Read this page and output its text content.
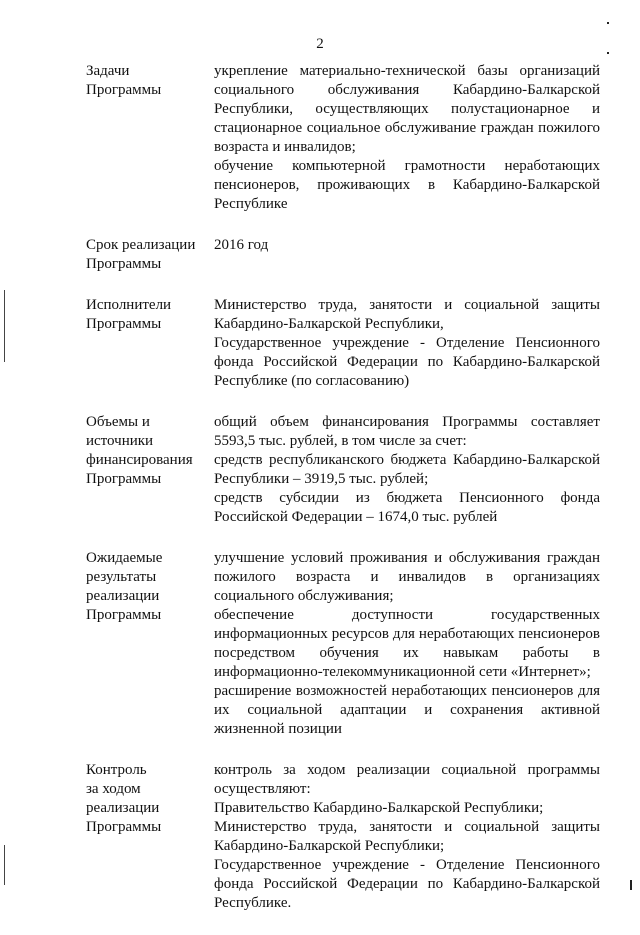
2
Задачи
Программы

укрепление материально-технической базы организаций социального обслуживания Кабардино-Балкарской Республики, осуществляющих полустационарное и стационарное социальное обслуживание граждан пожилого возраста и инвалидов;

обучение компьютерной грамотности неработающих пенсионеров, проживающих в Кабардино-Балкарской Республике

Срок реализации
Программы

2016 год

Исполнители
Программы

Министерство труда, занятости и социальной защиты Кабардино-Балкарской Республики,

Государственное учреждение - Отделение Пенсионного фонда Российской Федерации по Кабардино-Балкарской Республике (по согласованию)

Объемы и
источники
финансирования
Программы

общий объем финансирования Программы составляет 5593,5 тыс. рублей, в том числе за счет:

средств республиканского бюджета Кабардино-Балкарской Республики – 3919,5 тыс. рублей;

средств субсидии из бюджета Пенсионного фонда Российской Федерации – 1674,0 тыс. рублей

Ожидаемые
результаты
реализации
Программы

улучшение условий проживания и обслуживания граждан пожилого возраста и инвалидов в организациях социального обслуживания;

обеспечение доступности государственных информационных ресурсов для неработающих пенсионеров посредством обучения их навыкам работы в информационно-телекоммуникационной сети «Интернет»;

расширение возможностей неработающих пенсионеров для их социальной адаптации и сохранения активной жизненной позиции

Контроль
за ходом
реализации
Программы

контроль за ходом реализации социальной программы осуществляют:

Правительство Кабардино-Балкарской Республики;

Министерство труда, занятости и социальной защиты Кабардино-Балкарской Республики;

Государственное учреждение - Отделение Пенсионного фонда Российской Федерации по Кабардино-Балкарской Республике.
